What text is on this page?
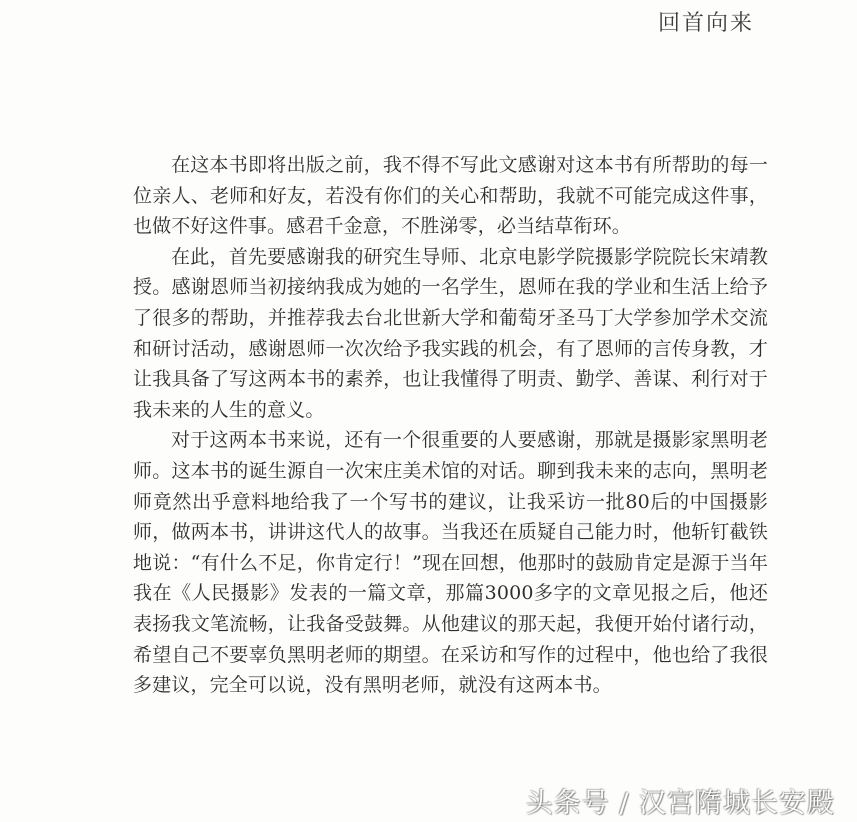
回首向来

在这本书即将出版之前，我不得不写此文感谢对这本书有所帮助的每一位亲人、老师和好友，若没有你们的关心和帮助，我就不可能完成这件事，也做不好这件事。感君千金意，不胜涕零，必当结草衔环。

在此，首先要感谢我的研究生导师、北京电影学院摄影学院院长宋靖教授。感谢恩师当初接纳我成为她的一名学生，恩师在我的学业和生活上给予了很多的帮助，并推荐我去台北世新大学和葡萄牙圣马丁大学参加学术交流和研讨活动，感谢恩师一次次给予我实践的机会，有了恩师的言传身教，才让我具备了写这两本书的素养，也让我懂得了明责、勤学、善谋、利行对于我未来的人生的意义。

对于这两本书来说，还有一个很重要的人要感谢，那就是摄影家黑明老师。这本书的诞生源自一次宋庄美术馆的对话。聊到我未来的志向，黑明老师竟然出乎意料地给我了一个写书的建议，让我采访一批80后的中国摄影师，做两本书，讲讲这代人的故事。当我还在质疑自己能力时，他斩钉截铁地说：“有什么不足，你肯定行！”现在回想，他那时的鼓励肯定是源于当年我在《人民摄影》发表的一篇文章，那篇3000多字的文章见报之后，他还表扬我文笔流畅，让我备受鼓舞。从他建议的那天起，我便开始付诸行动，希望自己不要辜负黑明老师的期望。在采访和写作的过程中，他也给了我很多建议，完全可以说，没有黑明老师，就没有这两本书。

头条号 / 汉宫隋城长安殿
